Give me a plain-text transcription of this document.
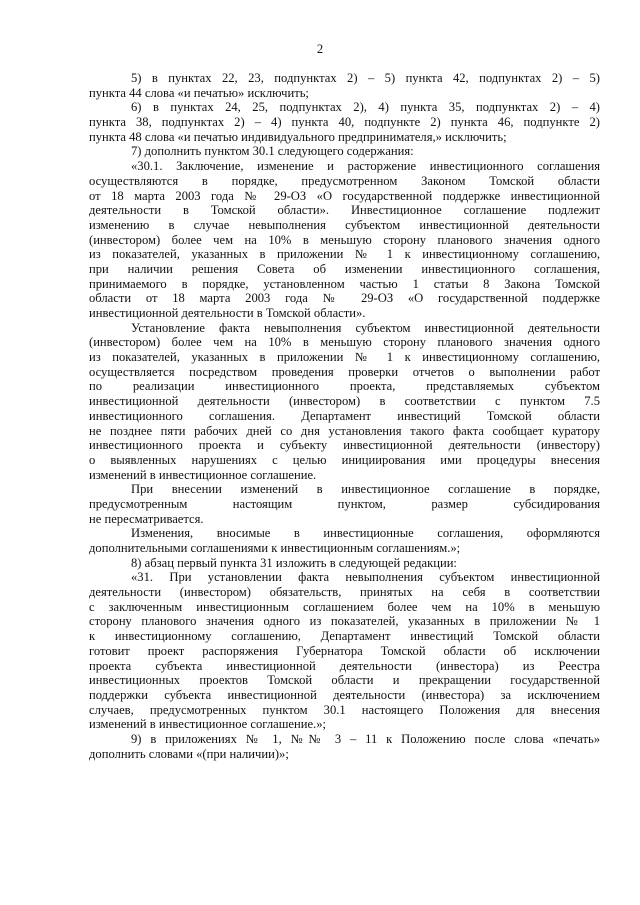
2
5) в пунктах 22, 23, подпунктах 2) – 5) пункта 42, подпунктах 2) – 5)
пункта 44 слова «и печатью» исключить;
6) в пунктах 24, 25, подпунктах 2), 4) пункта 35, подпунктах 2) – 4)
пункта 38, подпунктах 2) – 4) пункта 40, подпункте 2) пункта 46, подпункте 2)
пункта 48 слова «и печатью индивидуального предпринимателя,» исключить;
7) дополнить пунктом 30.1 следующего содержания:
«30.1. Заключение, изменение и расторжение инвестиционного соглашения
осуществляются в порядке, предусмотренном Законом Томской области
от 18 марта 2003 года № 29-ОЗ «О государственной поддержке инвестиционной
деятельности в Томской области». Инвестиционное соглашение подлежит
изменению в случае невыполнения субъектом инвестиционной деятельности
(инвестором) более чем на 10% в меньшую сторону планового значения одного
из показателей, указанных в приложении № 1 к инвестиционному соглашению,
при наличии решения Совета об изменении инвестиционного соглашения,
принимаемого в порядке, установленном частью 1 статьи 8 Закона Томской
области от 18 марта 2003 года № 29-ОЗ «О государственной поддержке
инвестиционной деятельности в Томской области».
Установление факта невыполнения субъектом инвестиционной деятельности
(инвестором) более чем на 10% в меньшую сторону планового значения одного
из показателей, указанных в приложении № 1 к инвестиционному соглашению,
осуществляется посредством проведения проверки отчетов о выполнении работ
по реализации инвестиционного проекта, представляемых субъектом
инвестиционной деятельности (инвестором) в соответствии с пунктом 7.5
инвестиционного соглашения. Департамент инвестиций Томской области
не позднее пяти рабочих дней со дня установления такого факта сообщает куратору
инвестиционного проекта и субъекту инвестиционной деятельности (инвестору)
о выявленных нарушениях с целью инициирования ими процедуры внесения
изменений в инвестиционное соглашение.
При внесении изменений в инвестиционное соглашение в порядке,
предусмотренным настоящим пунктом, размер субсидирования
не пересматривается.
Изменения, вносимые в инвестиционные соглашения, оформляются
дополнительными соглашениями к инвестиционным соглашениям.»;
8) абзац первый пункта 31 изложить в следующей редакции:
«31. При установлении факта невыполнения субъектом инвестиционной
деятельности (инвестором) обязательств, принятых на себя в соответствии
с заключенным инвестиционным соглашением более чем на 10% в меньшую
сторону планового значения одного из показателей, указанных в приложении № 1
к инвестиционному соглашению, Департамент инвестиций Томской области
готовит проект распоряжения Губернатора Томской области об исключении
проекта субъекта инвестиционной деятельности (инвестора) из Реестра
инвестиционных проектов Томской области и прекращении государственной
поддержки субъекта инвестиционной деятельности (инвестора) за исключением
случаев, предусмотренных пунктом 30.1 настоящего Положения для внесения
изменений в инвестиционное соглашение.»;
9) в приложениях № 1, №№ 3 – 11 к Положению после слова «печать»
дополнить словами «(при наличии)»;
